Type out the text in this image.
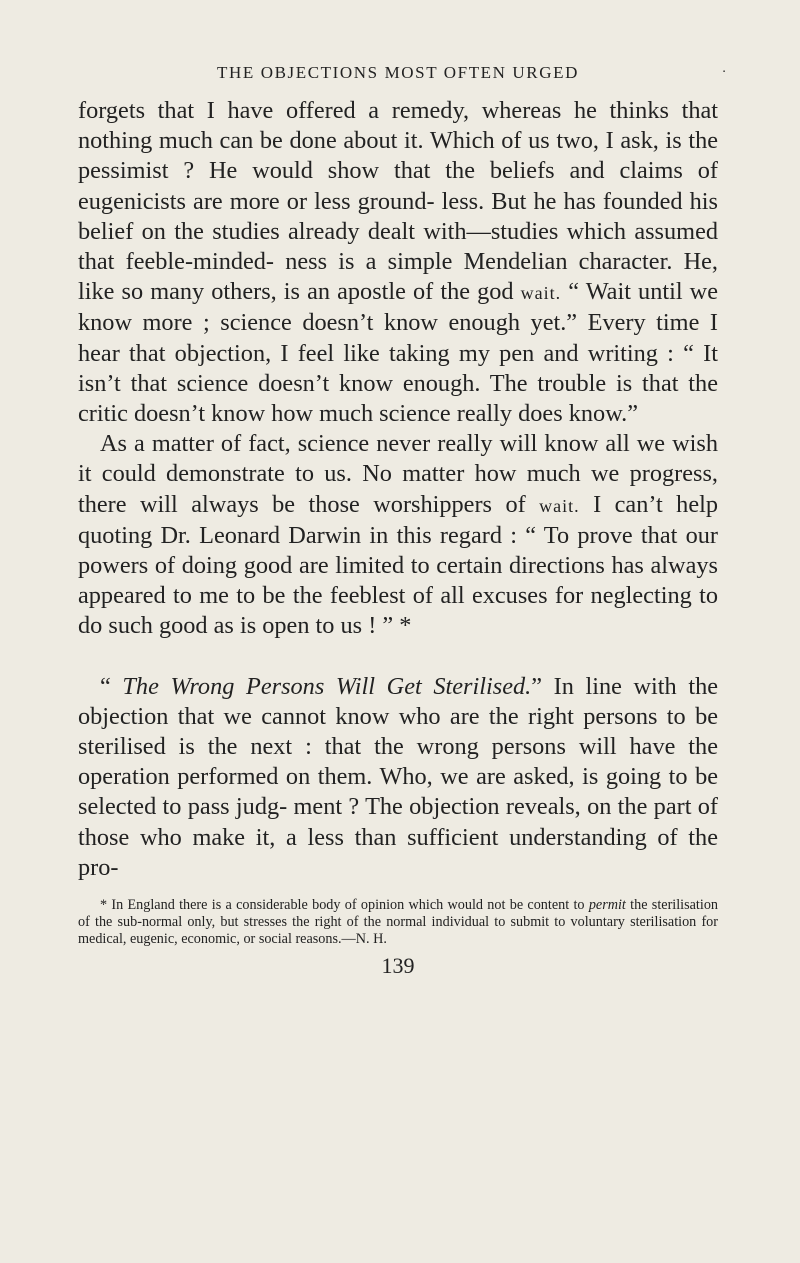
THE OBJECTIONS MOST OFTEN URGED	·

forgets that I have offered a remedy, whereas he thinks that nothing much can be done about it. Which of us two, I ask, is the pessimist ? He would show that the beliefs and claims of eugenicists are more or less ground- less. But he has founded his belief on the studies already dealt with—studies which assumed that feeble-minded- ness is a simple Mendelian character. He, like so many others, is an apostle of the god wait. “ Wait until we know more ; science doesn’t know enough yet.” Every time I hear that objection, I feel like taking my pen and writing : “ It isn’t that science doesn’t know enough. The trouble is that the critic doesn’t know how much science really does know.”

As a matter of fact, science never really will know all we wish it could demonstrate to us. No matter how much we progress, there will always be those worshippers of wait. I can’t help quoting Dr. Leonard Darwin in this regard : “ To prove that our powers of doing good are limited to certain directions has always appeared to me to be the feeblest of all excuses for neglecting to do such good as is open to us ! ” *

“ The Wrong Persons Will Get Sterilised.” In line with the objection that we cannot know who are the right persons to be sterilised is the next : that the wrong persons will have the operation performed on them. Who, we are asked, is going to be selected to pass judg- ment ? The objection reveals, on the part of those who make it, a less than sufficient understanding of the pro-

* In England there is a considerable body of opinion which would not be content to permit the sterilisation of the sub-normal only, but stresses the right of the normal individual to submit to voluntary sterilisation for medical, eugenic, economic, or social reasons.—N. H.

139
